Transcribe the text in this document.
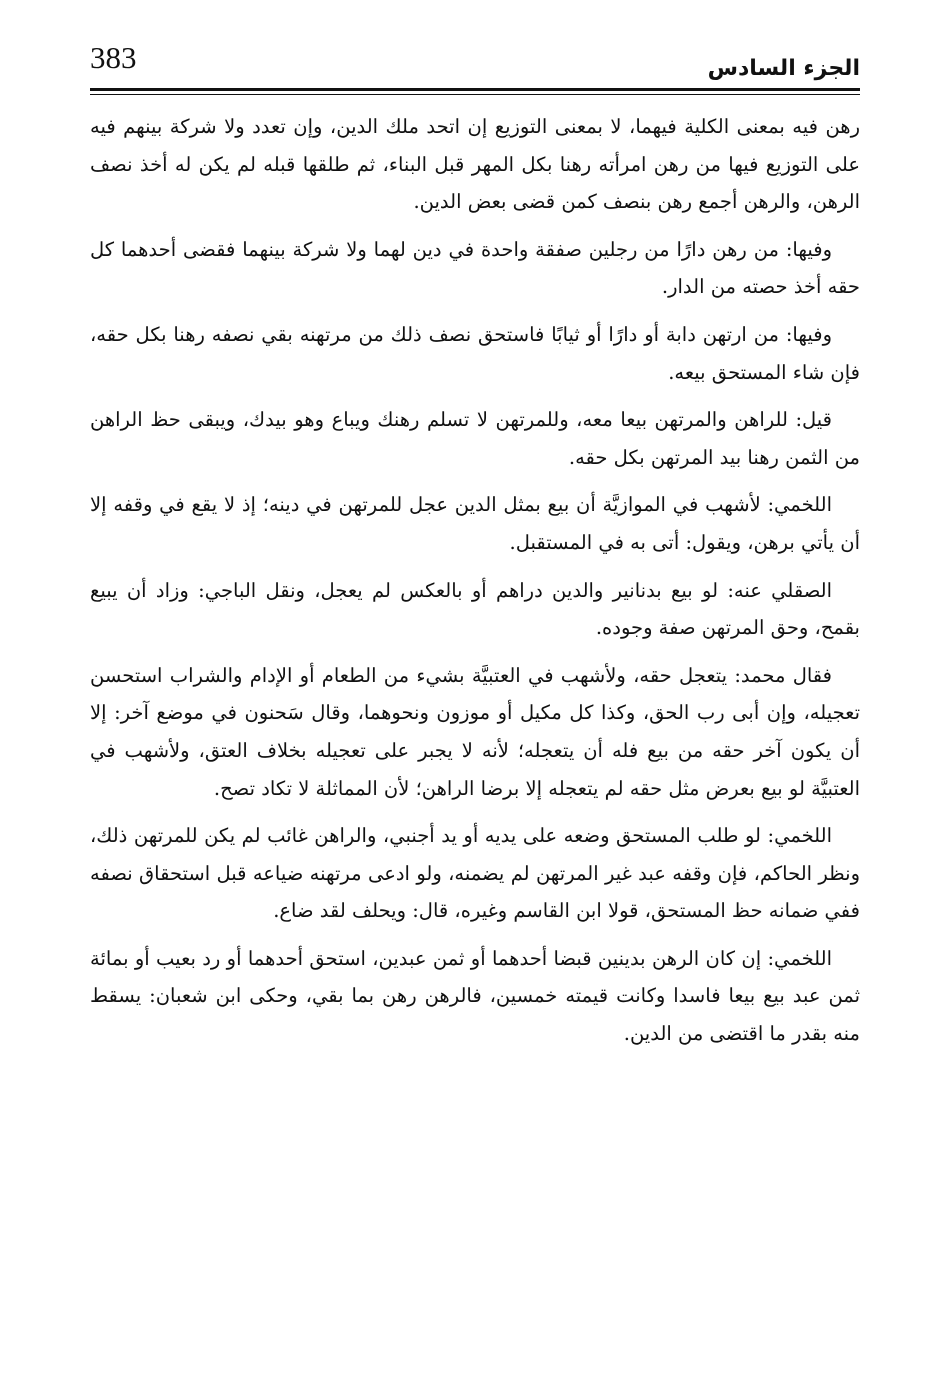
383	الجزء السادس

رهن فيه بمعنى الكلية فيهما، لا بمعنى التوزيع إن اتحد ملك الدين، وإن تعدد ولا شركة بينهم فيه على التوزيع فيها من رهن امرأته رهنا بكل المهر قبل البناء، ثم طلقها قبله لم يكن له أخذ نصف الرهن، والرهن أجمع رهن بنصف كمن قضى بعض الدين.

وفيها: من رهن دارًا من رجلين صفقة واحدة في دين لهما ولا شركة بينهما فقضى أحدهما كل حقه أخذ حصته من الدار.

وفيها: من ارتهن دابة أو دارًا أو ثيابًا فاستحق نصف ذلك من مرتهنه بقي نصفه رهنا بكل حقه، فإن شاء المستحق بيعه.

قيل: للراهن والمرتهن بيعا معه، وللمرتهن لا تسلم رهنك ويباع وهو بيدك، ويبقى حظ الراهن من الثمن رهنا بيد المرتهن بكل حقه.

اللخمي: لأشهب في الموازيَّة أن بيع بمثل الدين عجل للمرتهن في دينه؛ إذ لا يقع في وقفه إلا أن يأتي برهن، ويقول: أتى به في المستقبل.

الصقلي عنه: لو بيع بدنانير والدين دراهم أو بالعكس لم يعجل، ونقل الباجي: وزاد أن يبيع بقمح، وحق المرتهن صفة وجوده.

فقال محمد: يتعجل حقه، ولأشهب في العتبيَّة بشيء من الطعام أو الإدام والشراب استحسن تعجيله، وإن أبى رب الحق، وكذا كل مكيل أو موزون ونحوهما، وقال سَحنون في موضع آخر: إلا أن يكون آخر حقه من بيع فله أن يتعجله؛ لأنه لا يجبر على تعجيله بخلاف العتق، ولأشهب في العتبيَّة لو بيع بعرض مثل حقه لم يتعجله إلا برضا الراهن؛ لأن المماثلة لا تكاد تصح.

اللخمي: لو طلب المستحق وضعه على يديه أو يد أجنبي، والراهن غائب لم يكن للمرتهن ذلك، ونظر الحاكم، فإن وقفه عبد غير المرتهن لم يضمنه، ولو ادعى مرتهنه ضياعه قبل استحقاق نصفه ففي ضمانه حظ المستحق، قولا ابن القاسم وغيره، قال: ويحلف لقد ضاع.

اللخمي: إن كان الرهن بدينين قبضا أحدهما أو ثمن عبدين، استحق أحدهما أو رد بعيب أو بمائة ثمن عبد بيع بيعا فاسدا وكانت قيمته خمسين، فالرهن رهن بما بقي، وحكى ابن شعبان: يسقط منه بقدر ما اقتضى من الدين.
